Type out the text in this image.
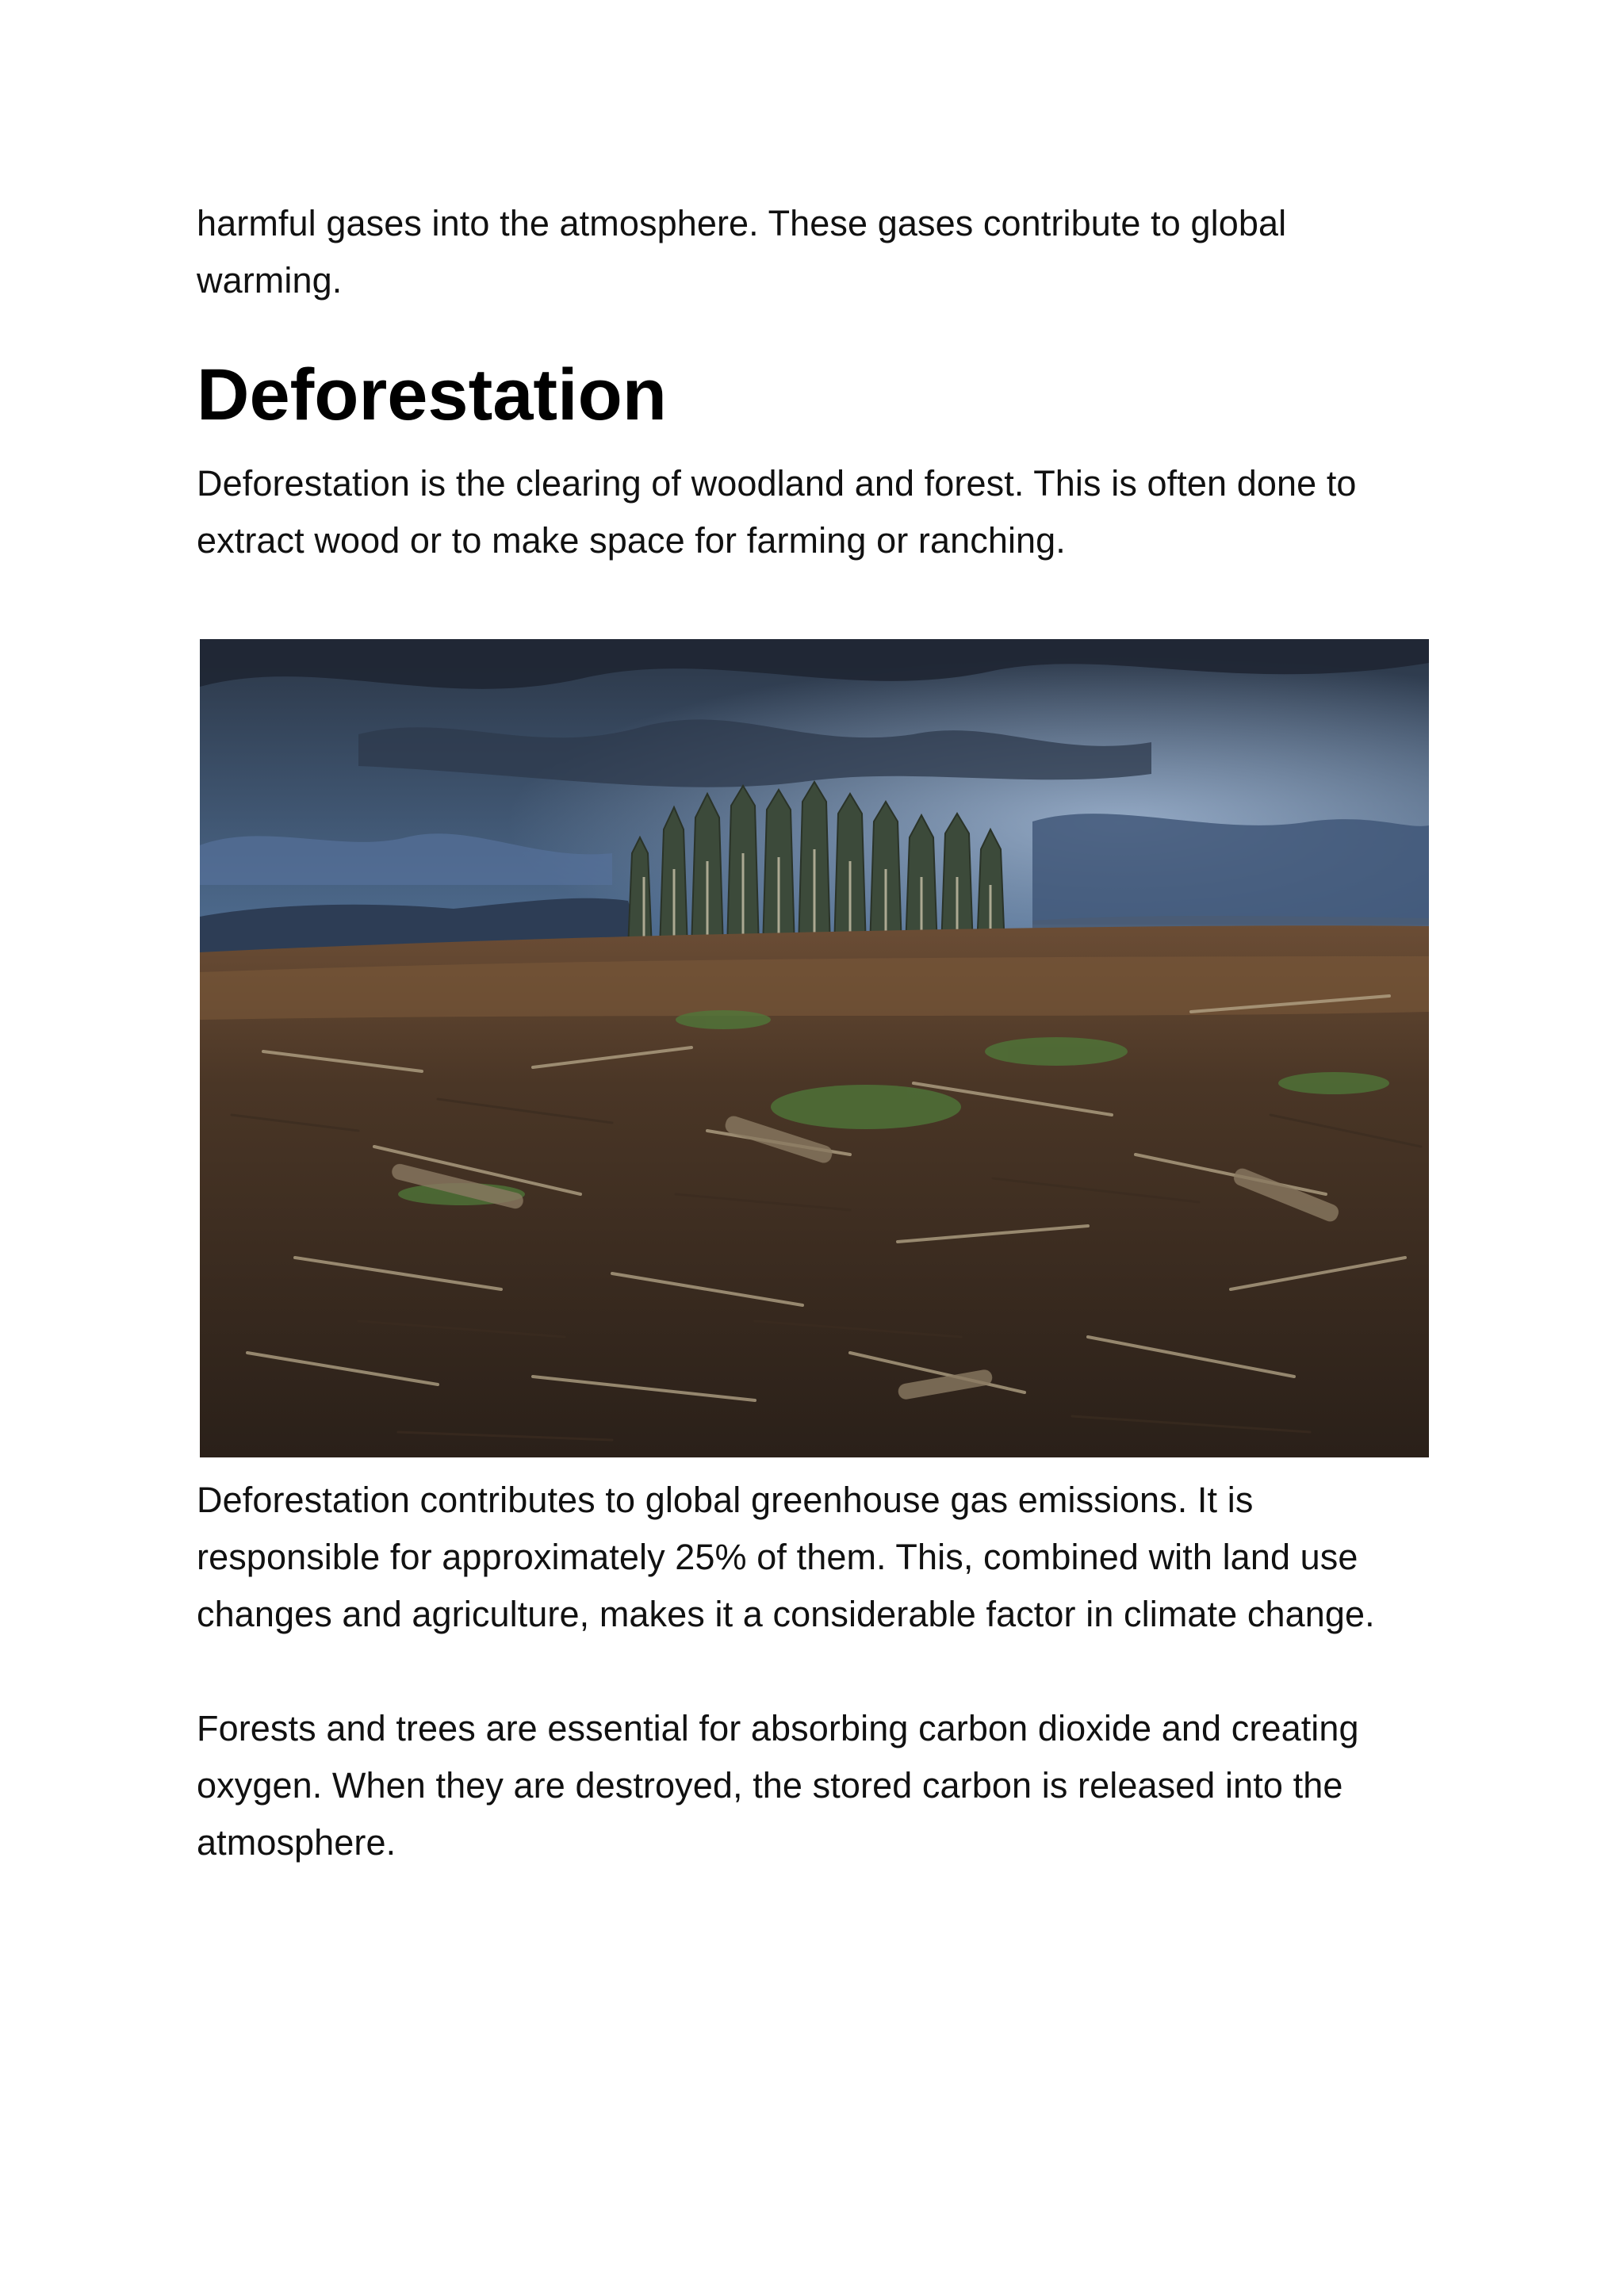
harmful gases into the atmosphere. These gases contribute to global warming.

Deforestation

Deforestation is the clearing of woodland and forest. This is often done to extract wood or to make space for farming or ranching.

Deforestation contributes to global greenhouse gas emissions. It is responsible for approximately 25% of them. This, combined with land use changes and agriculture, makes it a considerable factor in climate change.

Forests and trees are essential for absorbing carbon dioxide and creating oxygen. When they are destroyed, the stored carbon is released into the atmosphere.
